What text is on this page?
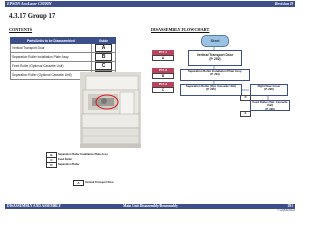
EPSON AcuLaser C9200N	Revision D
4.3.17 Group 17
CONTENTS	DISASSEMBLY FLOWCHART
Parts/Units to be Disassembled	Guide
Vertical Transport Door	A
Separation Roller Installation Plate Assy.	B
Feed Roller (Optional Cassette Unit)	C
Separation Roller (Optional Cassette Unit)	
B	Separation Roller Installation Plate Assy.
C	Feed Roller
D	Separation Roller
A	Vertical Transport Door
Start
P17-1
A
Vertical Transport Door
(P. 292)
P17-2
B
Separation Roller Installation Plate Assy.
(P. 294)
P17-3
C
Separation Roller (Opt. Cassette Unit)
(P. 295)
Right Rear Cover
(P. 296)
D
Feed Roller (Opt. Cassette Unit)
(P. 296)
E
DISASSEMBLY AND ASSEMBLY	Main Unit Disassembly/Reassembly	291
Confidential
